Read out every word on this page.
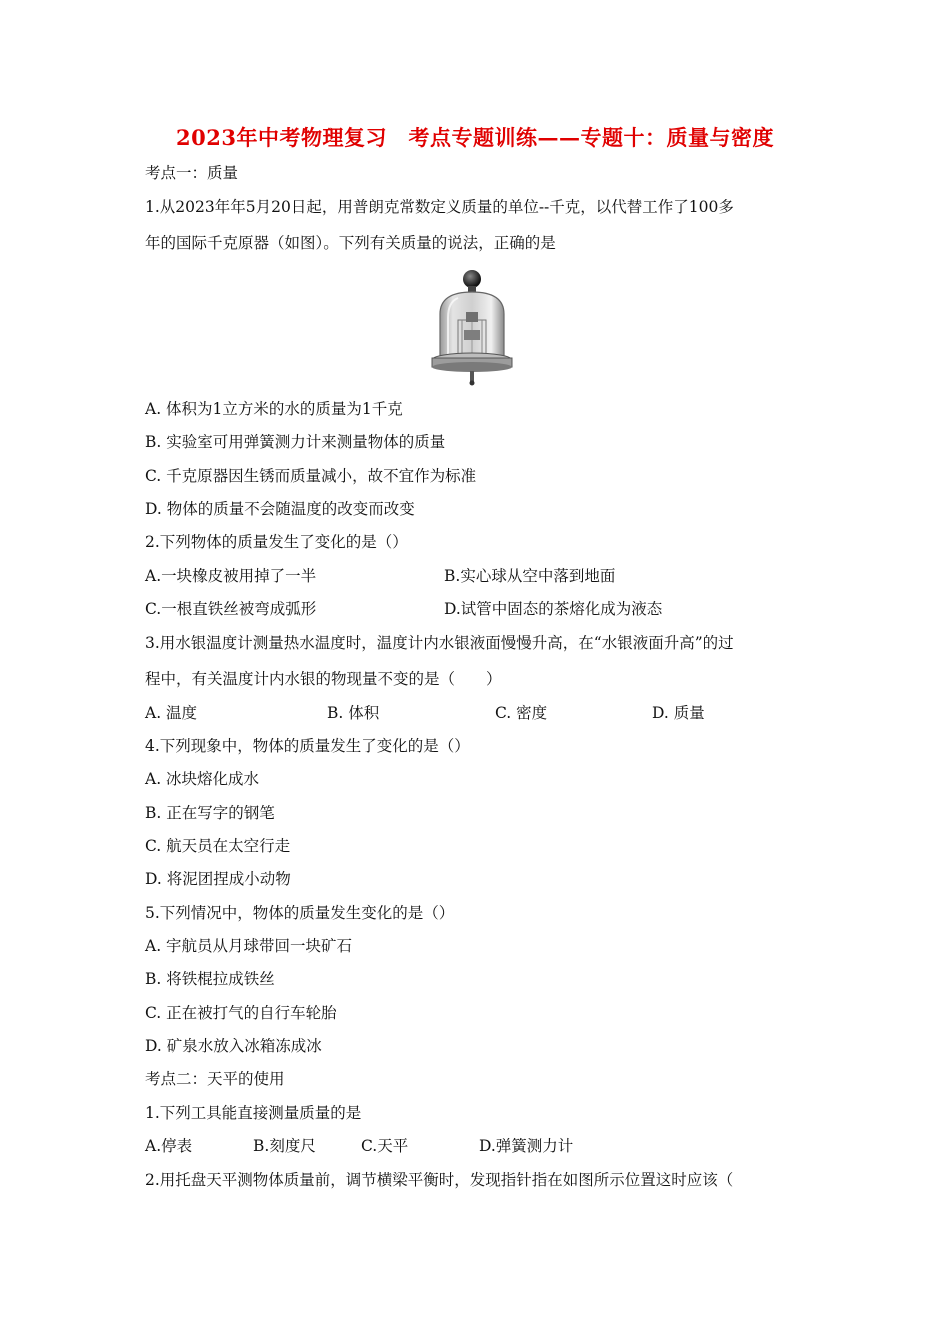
2023年中考物理复习　考点专题训练——专题十：质量与密度
考点一：质量
1.从2023年年5月20日起，用普朗克常数定义质量的单位--千克，以代替工作了100多
年的国际千克原器（如图）。下列有关质量的说法，正确的是
A. 体积为1立方米的水的质量为1千克
B. 实验室可用弹簧测力计来测量物体的质量
C. 千克原器因生锈而质量减小，故不宜作为标准
D. 物体的质量不会随温度的改变而改变
2.下列物体的质量发生了变化的是（）
A.一块橡皮被用掉了一半	B.实心球从空中落到地面
C.一根直铁丝被弯成弧形	D.试管中固态的茶熔化成为液态
3.用水银温度计测量热水温度时，温度计内水银液面慢慢升高，在“水银液面升高”的过
程中，有关温度计内水银的物现量不变的是（　　）
A. 温度	B. 体积	C. 密度	D. 质量
4.下列现象中，物体的质量发生了变化的是（）
A. 冰块熔化成水
B. 正在写字的钢笔
C. 航天员在太空行走
D. 将泥团捏成小动物
5.下列情况中，物体的质量发生变化的是（）
A. 宇航员从月球带回一块矿石
B. 将铁棍拉成铁丝
C. 正在被打气的自行车轮胎
D. 矿泉水放入冰箱冻成冰
考点二：天平的使用
1.下列工具能直接测量质量的是
A.停表	B.刻度尺	C.天平	D.弹簧测力计
2.用托盘天平测物体质量前，调节横梁平衡时，发现指针指在如图所示位置这时应该（
